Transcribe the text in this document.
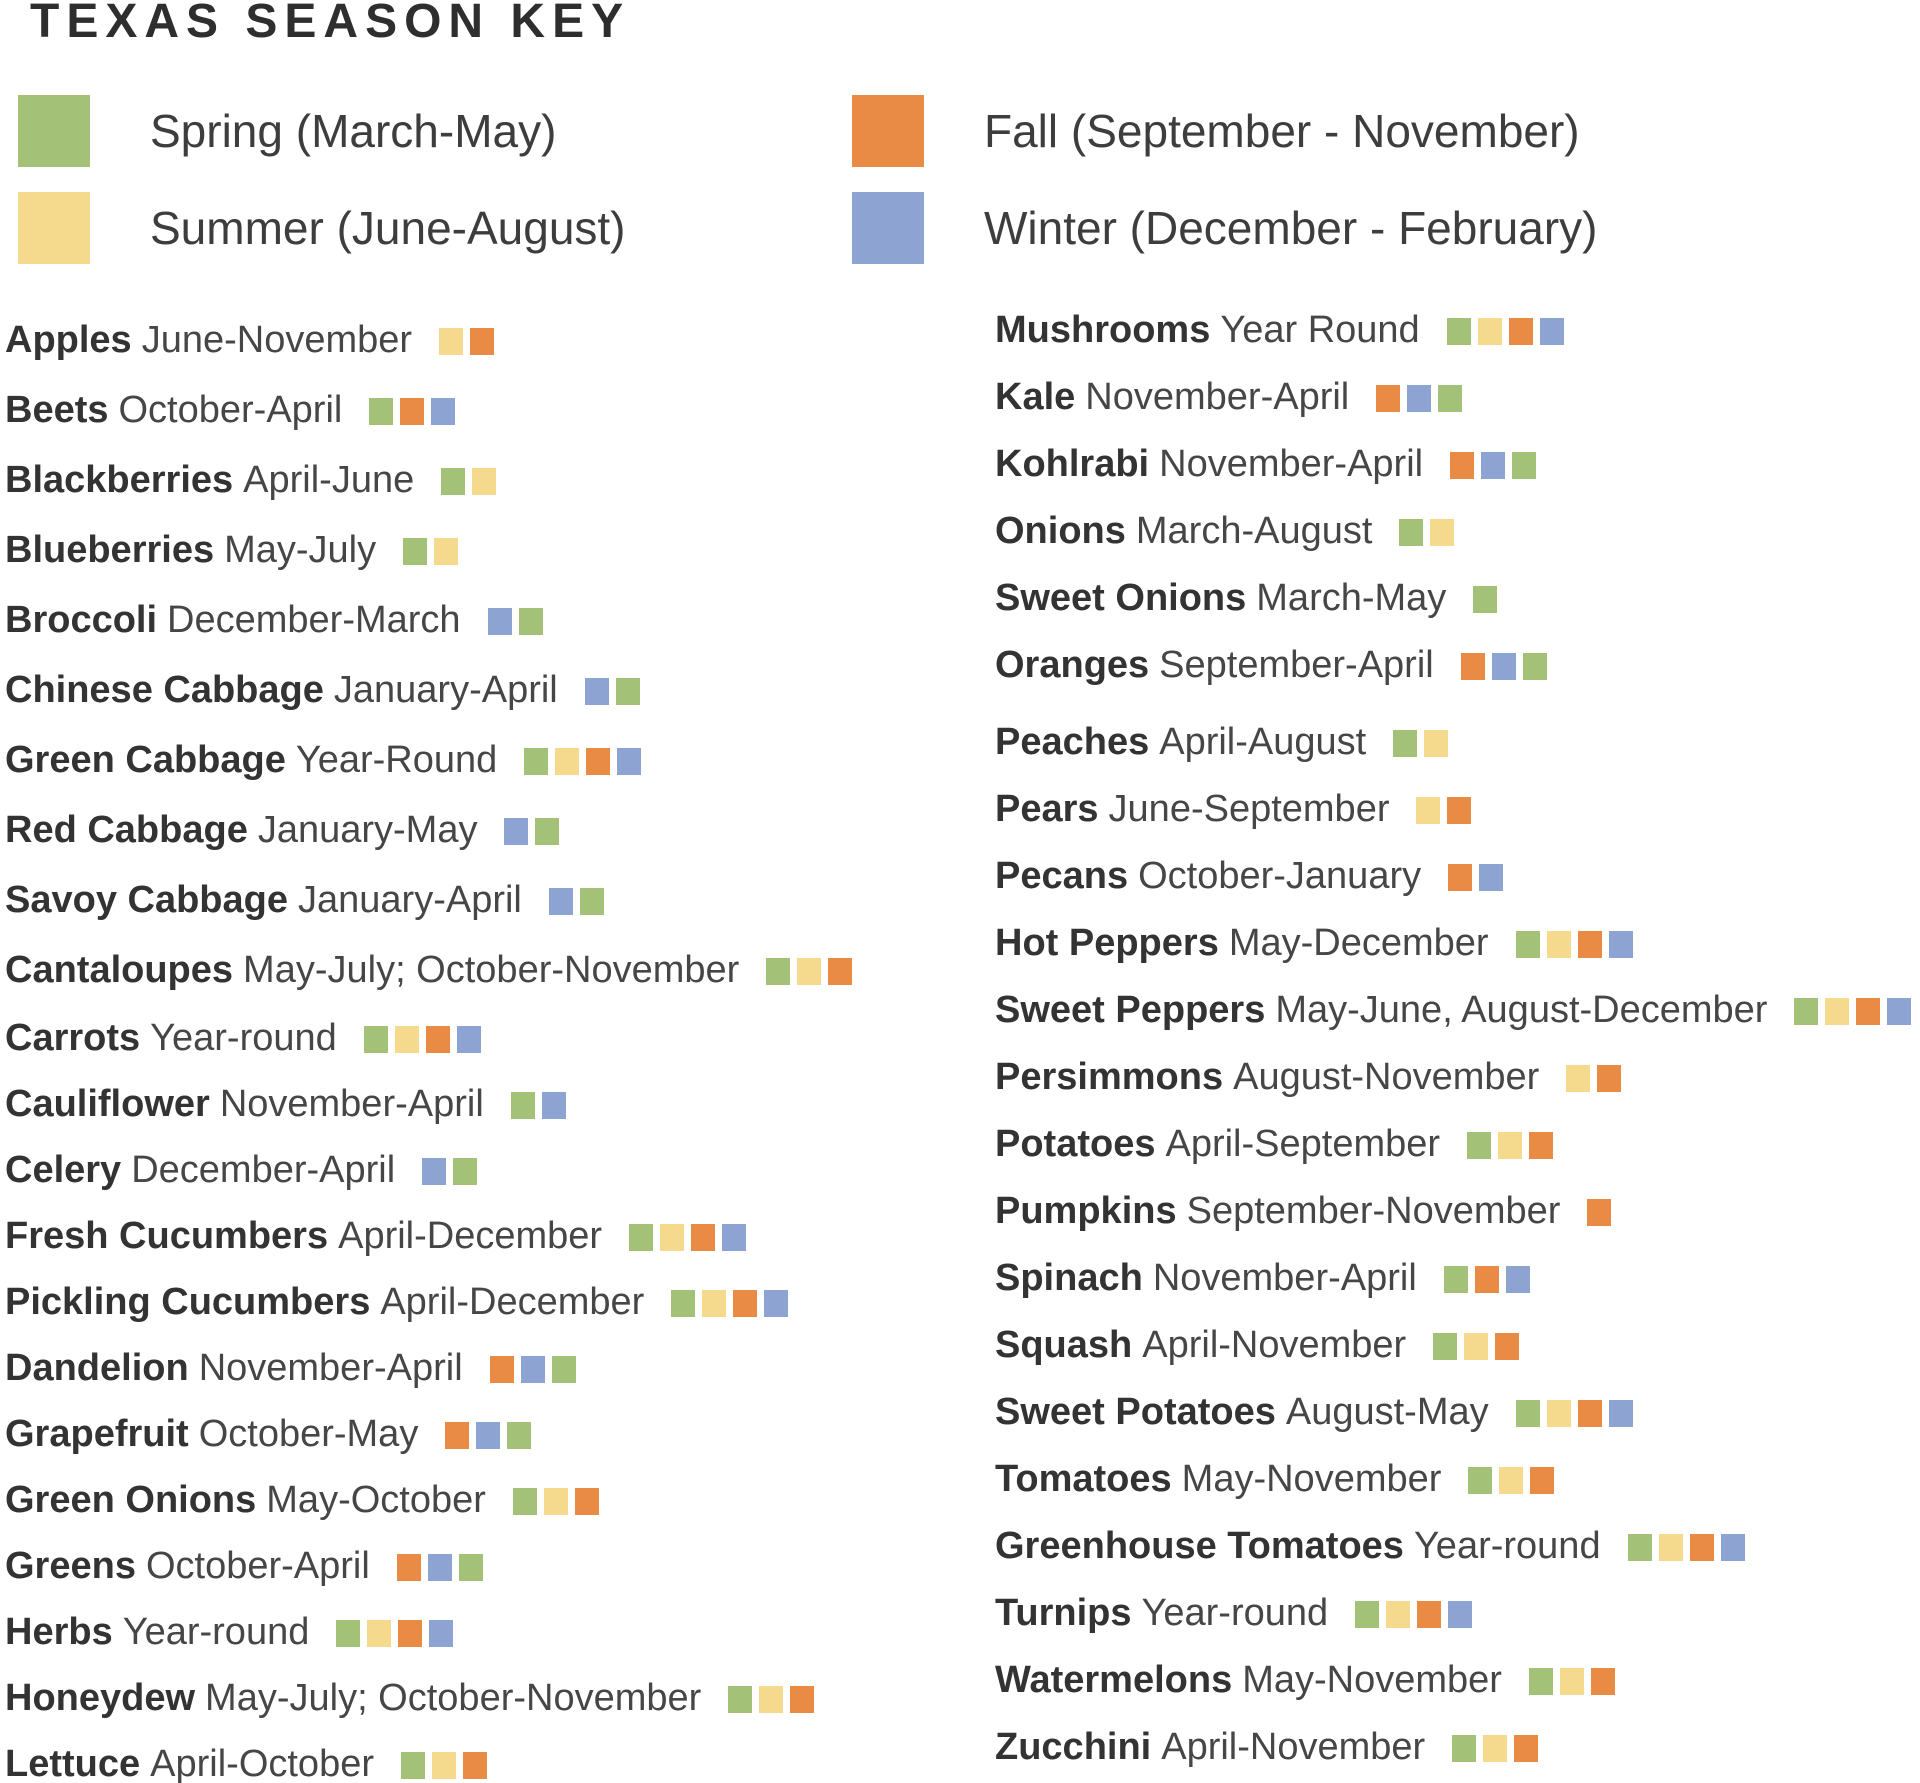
TEXAS SEASON KEY
Spring (March-May)	Fall (September - November)
Summer (June-August)	Winter (December - February)
Apples June-November
Beets October-April
Blackberries April-June
Blueberries May-July
Broccoli December-March
Chinese Cabbage January-April
Green Cabbage Year-Round
Red Cabbage January-May
Savoy Cabbage January-April
Cantaloupes May-July; October-November
Carrots Year-round
Cauliflower November-April
Celery December-April
Fresh Cucumbers April-December
Pickling Cucumbers April-December
Dandelion November-April
Grapefruit October-May
Green Onions May-October
Greens October-April
Herbs Year-round
Honeydew May-July; October-November
Lettuce April-October
Mushrooms Year Round
Kale November-April
Kohlrabi November-April
Onions March-August
Sweet Onions March-May
Oranges September-April
Peaches April-August
Pears June-September
Pecans October-January
Hot Peppers May-December
Sweet Peppers May-June, August-December
Persimmons August-November
Potatoes April-September
Pumpkins September-November
Spinach November-April
Squash April-November
Sweet Potatoes August-May
Tomatoes May-November
Greenhouse Tomatoes Year-round
Turnips Year-round
Watermelons May-November
Zucchini April-November
